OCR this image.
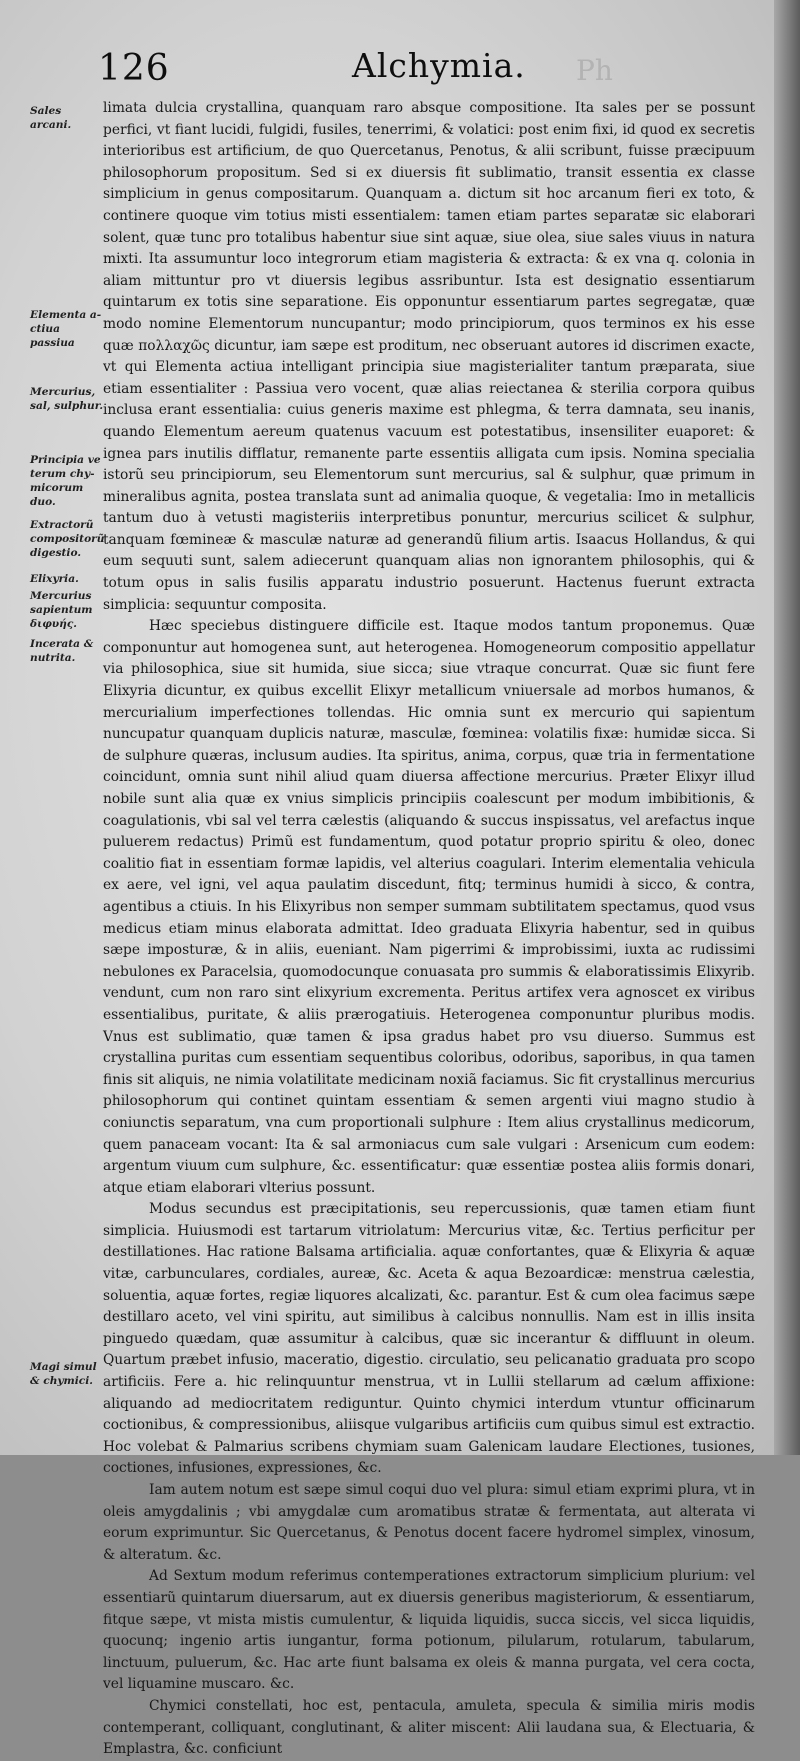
126	Alchymia. Ph
Sales arcani.
Elementa a-ctiua passiua
Mercurius, sal, sulphur.
Principia ve terum chy-micorum duo.
Extractorũ compositorũ digestio.
Elixyria.
Mercurius sapientum διφυής.
Incerata & nutrita.
Magi simul & chymici.

limata dulcia crystallina, quanquam raro absque compositione. Ita sales per se possunt perfici, vt fiant lucidi, fulgidi, fusiles, tenerrimi, & volatici: post enim fixi, id quod ex secretis interioribus est artificium, de quo Quercetanus, Penotus, & alii scribunt, fuisse præcipuum philosophorum propositum. Sed si ex diuersis fit sublimatio, transit essentia ex classe simplicium in genus compositarum. Quanquam a. dictum sit hoc arcanum fieri ex toto, & continere quoque vim totius misti essentialem: tamen etiam partes separatæ sic elaborari solent, quæ tunc pro totalibus habentur siue sint aquæ, siue olea, siue sales viuus in natura mixti. Ita assumuntur loco integrorum etiam magisteria & extracta: & ex vna q. colonia in aliam mittuntur pro vt diuersis legibus assribuntur. Ista est designatio essentiarum quintarum ex totis sine separatione. Eis opponuntur essentiarum partes segregatæ, quæ modo nomine Elementorum nuncupantur; modo principiorum, quos terminos ex his esse quæ πολλαχῶς dicuntur, iam sæpe est proditum, nec obseruant autores id discrimen exacte, vt qui Elementa actiua intelligant principia siue magisterialiter tantum præparata, siue etiam essentialiter : Passiua vero vocent, quæ alias reiectanea & sterilia corpora quibus inclusa erant essentialia: cuius generis maxime est phlegma, & terra damnata, seu inanis, quando Elementum aereum quatenus vacuum est potestatibus, insensiliter euaporet: & ignea pars inutilis difflatur, remanente parte essentiis alligata cum ipsis. Nomina specialia istorũ seu principiorum, seu Elementorum sunt mercurius, sal & sulphur, quæ primum in mineralibus agnita, postea translata sunt ad animalia quoque, & vegetalia: Imo in metallicis tantum duo à vetusti magisteriis interpretibus ponuntur, mercurius scilicet & sulphur, tanquam fœmineæ & masculæ naturæ ad generandũ filium artis. Isaacus Hollandus, & qui eum sequuti sunt, salem adiecerunt quanquam alias non ignorantem philosophis, qui & totum opus in salis fusilis apparatu industrio posuerunt. Hactenus fuerunt extracta simplicia: sequuntur composita.

Hæc speciebus distinguere difficile est. Itaque modos tantum proponemus. Quæ componuntur aut homogenea sunt, aut heterogenea. Homogeneorum compositio appellatur via philosophica, siue sit humida, siue sicca; siue vtraque concurrat. Quæ sic fiunt fere Elixyria dicuntur, ex quibus excellit Elixyr metallicum vniuersale ad morbos humanos, & mercurialium imperfectiones tollendas. Hic omnia sunt ex mercurio qui sapientum nuncupatur quanquam duplicis naturæ, masculæ, fœminea: volatilis fixæ: humidæ sicca. Si de sulphure quæras, inclusum audies. Ita spiritus, anima, corpus, quæ tria in fermentatione coincidunt, omnia sunt nihil aliud quam diuersa affectione mercurius. Præter Elixyr illud nobile sunt alia quæ ex vnius simplicis principiis coalescunt per modum imbibitionis, & coagulationis, vbi sal vel terra cælestis (aliquando & succus inspissatus, vel arefactus inque puluerem redactus) Primũ est fundamentum, quod potatur proprio spiritu & oleo, donec coalitio fiat in essentiam formæ lapidis, vel alterius coagulari. Interim elementalia vehicula ex aere, vel igni, vel aqua paulatim discedunt, fitq; terminus humidi à sicco, & contra, agentibus a ctiuis. In his Elixyribus non semper summam subtilitatem spectamus, quod vsus medicus etiam minus elaborata admittat. Ideo graduata Elixyria habentur, sed in quibus sæpe imposturæ, & in aliis, eueniant. Nam pigerrimi & improbissimi, iuxta ac rudissimi nebulones ex Paracelsia, quomodocunque conuasata pro summis & elaboratissimis Elixyrib. vendunt, cum non raro sint elixyrium excrementa. Peritus artifex vera agnoscet ex viribus essentialibus, puritate, & aliis prærogatiuis. Heterogenea componuntur pluribus modis. Vnus est sublimatio, quæ tamen & ipsa gradus habet pro vsu diuerso. Summus est crystallina puritas cum essentiam sequentibus coloribus, odoribus, saporibus, in qua tamen finis sit aliquis, ne nimia volatilitate medicinam noxiã faciamus. Sic fit crystallinus mercurius philosophorum qui continet quintam essentiam & semen argenti viui magno studio à coniunctis separatum, vna cum proportionali sulphure : Item alius crystallinus medicorum, quem panaceam vocant: Ita & sal armoniacus cum sale vulgari : Arsenicum cum eodem: argentum viuum cum sulphure, &c. essentificatur: quæ essentiæ postea aliis formis donari, atque etiam elaborari vlterius possunt.

Modus secundus est præcipitationis, seu repercussionis, quæ tamen etiam fiunt simplicia. Huiusmodi est tartarum vitriolatum: Mercurius vitæ, &c. Tertius perficitur per destillationes. Hac ratione Balsama artificialia. aquæ confortantes, quæ & Elixyria & aquæ vitæ, carbunculares, cordiales, aureæ, &c. Aceta & aqua Bezoardicæ: menstrua cælestia, soluentia, aquæ fortes, regiæ liquores alcalizati, &c. parantur. Est & cum olea facimus sæpe destillaro aceto, vel vini spiritu, aut similibus à calcibus nonnullis. Nam est in illis insita pinguedo quædam, quæ assumitur à calcibus, quæ sic incerantur & diffluunt in oleum. Quartum præbet infusio, maceratio, digestio. circulatio, seu pelicanatio graduata pro scopo artificiis. Fere a. hic relinquuntur menstrua, vt in Lullii stellarum ad cælum affixione: aliquando ad mediocritatem rediguntur. Quinto chymici interdum vtuntur officinarum coctionibus, & compressionibus, aliisque vulgaribus artificiis cum quibus simul est extractio. Hoc volebat & Palmarius scribens chymiam suam Galenicam laudare Electiones, tusiones, coctiones, infusiones, expressiones, &c.

Iam autem notum est sæpe simul coqui duo vel plura: simul etiam exprimi plura, vt in oleis amygdalinis ; vbi amygdalæ cum aromatibus stratæ & fermentata, aut alterata vi eorum exprimuntur. Sic Quercetanus, & Penotus docent facere hydromel simplex, vinosum, & alteratum. &c.

Ad Sextum modum referimus contemperationes extractorum simplicium plurium: vel essentiarũ quintarum diuersarum, aut ex diuersis generibus magisteriorum, & essentiarum, fitque sæpe, vt mista mistis cumulentur, & liquida liquidis, succa siccis, vel sicca liquidis, quocunq; ingenio artis iungantur, forma potionum, pilularum, rotularum, tabularum, linctuum, puluerum, &c. Hac arte fiunt balsama ex oleis & manna purgata, vel cera cocta, vel liquamine muscaro. &c.

Chymici constellati, hoc est, pentacula, amuleta, specula & similia miris modis contemperant, colliquant, conglutinant, & aliter miscent: Alii laudana sua, & Electuaria, & Emplastra, &c. conficiunt
